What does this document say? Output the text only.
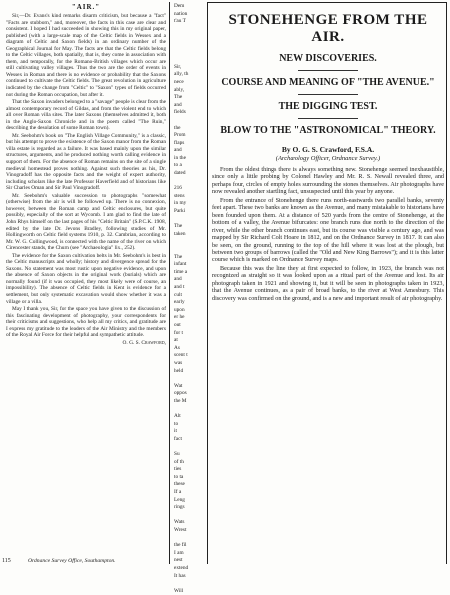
"AIR."

Sir,—Dr. Evans's kind remarks disarm criticism, but because a "fact" "Facts are stubborn," and, moreover, the facts in this case are clear and consistent. I hoped I had succeeded in showing this in my original paper, published (with a large-scale map of the Celtic fields in Wessex and a diagram of Celtic and Saxon fields) in an ordinary number of the Geographical Journal for May. The facts are that the Celtic fields belong to the Celtic villages, both spatially, that is, they come in association with them, and temporally, for the Romano-British villages which occur are still cultivating valley villages. Thus the two are the order of events in Wessex in Roman and there is no evidence or probability that the Saxons continued to cultivate the Celtic fields. The great revolution in agriculture indicated by the change from "Celtic" to "Saxon" types of fields occurred not during the Roman occupation, but after it.

That the Saxon invaders belonged to a "savage" people is clear from the almost contemporary record of Gildas, and from the violent end to which all over Roman villa sites. The later Saxons (themselves admitted it, both in the Anglo-Saxon Chronicle and in the poem called "The Ruin," describing the desolation of some Roman town).

Mr. Seebohm's book on "The English Village Community," is a classic, but his attempt to prove the existence of the Saxon manor from the Roman villa estate is regarded as a failure. It was based mainly upon the similar structures, arguments, and he produced nothing worth calling evidence in support of them. For the absence of Roman remains on the site of a single medieval homestead proves nothing. Against such theories as his, Dr. Vinogradoff has the opposite facts and the weight of expert authority, including scholars like the late Professor Haverfield and of historians like Sir Charles Oman and Sir Paul Vinogradoff.

Mr. Seebohm's valuable succession to photographs "somewhat (otherwise) from the air is will be followed up. There is no connexion, however, between the Roman camp and Celtic enclosures, but quite possibly, especially of the sort at Wycomb. I am glad to find the late of John Rhys himself on the last pages of his "Celtic Britain" (S.P.C.K. 1908, edited by the late Dr. Jevons Bradley, following studies of Mr. Hollingworth on Celtic field systems 1910, p. 32. Cambrian, according to Mr. W. G. Collingwood, is connected with the name of the river on which Cirencester stands, the Churn (see "Archaeologia" lix., 252).

The evidence for the Saxon cultivation belts in Mr. Seebohm's is best in the Celtic manuscripts and wholly; history and divergence spread for the Saxons. No statement was most rustic upon negative evidence, and upon the absence of Saxon objects in the original work (burials) which are normally found (if it was occupied, they most likely were of course, an impossibility). The absence of Celtic fields in Kent is evidence for a settlement, but only systematic excavation would show whether it was a village or a villa.

May I thank you, Sir, for the space you have given to the discussion of this fascinating development of photography, your correspondents for their criticisms and suggestions, who help all my critics, and gratitude are I express my gratitude to the leaders of the Air Ministry and the members of the Royal Air Force for their helpful and sympathetic attitude.

O. G. S. Crawford,
Dem
nation
t'au T

Sir,
ally, th
nece
ably,
The
and
fields

the
Prom
flaps
and
in the
to a
dated

216
stens
in my
Parki

The
taken

The
infant
time a
and
and t
cult
early
upon
er he
out
for t
at
As
scent t
was
held

Wat
oppos
the M

Alt
to
it
fact

Su
of th
ties
to ta
these
If a
Leng
rings

Wats
Wrest

the fil
I am
nest
extend
It has

Will
STONEHENGE FROM THE AIR.
NEW DISCOVERIES.
COURSE AND MEANING OF "THE AVENUE."
THE DIGGING TEST.
BLOW TO THE "ASTRONOMICAL" THEORY.
By O. G. S. Crawford, F.S.A.
(Archæology Officer, Ordnance Survey.)

From the oldest things there is always something new. Stonehenge seemed inexhaustible, since only a little probing by Colonel Hawley and Mr. R. S. Newall revealed three, and perhaps four, circles of empty holes surrounding the stones themselves. Air photographs have now revealed another startling fact, unsuspected until this year by anyone.

From the entrance of Stonehenge there runs north-eastwards two parallel banks, seventy feet apart. These two banks are known as the Avenue, and many mistakable to historians have been founded upon them. At a distance of 520 yards from the centre of Stonehenge, at the bottom of a valley, the Avenue bifurcates: one branch runs due north to the direction of the river, while the other branch continues east, but its course was visible a century ago, and was mapped by Sir Richard Colt Hoare in 1812, and on the Ordnance Survey in 1817. It can also be seen, on the ground, running to the top of the hill where it was lost at the plough, but between two groups of barrows (called the "Old and New King Barrows"); and it is this latter course which is marked on Ordnance Survey maps.

Because this was the line they at first expected to follow, in 1923, the branch was not recognized as straight so it was looked upon as a ritual part of the Avenue and lost. Its air photograph taken in 1921 and showing it, but it will be seen in photographs taken in 1923, that the Avenue continues, as a pair of broad banks, to the river at West Amesbury. This discovery was confirmed on the ground, and is a new and important result of air photography.

115	Ordnance Survey Office, Southampton.
